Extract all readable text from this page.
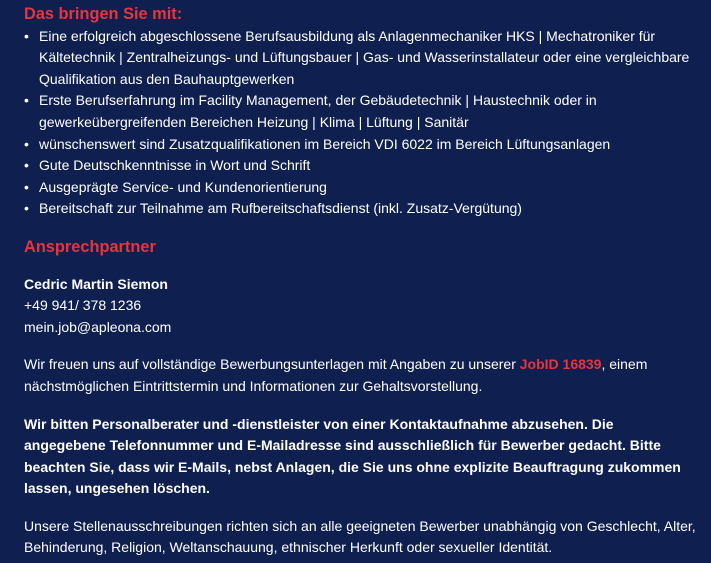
Das bringen Sie mit:
• Eine erfolgreich abgeschlossene Berufsausbildung als Anlagenmechaniker HKS | Mechatroniker für Kältetechnik | Zentralheizungs- und Lüftungsbauer | Gas- und Wasserinstallateur oder eine vergleichbare Qualifikation aus den Bauhauptgewerken
• Erste Berufserfahrung im Facility Management, der Gebäudetechnik | Haustechnik oder in gewerkeübergreifenden Bereichen Heizung | Klima | Lüftung | Sanitär
• wünschenswert sind Zusatzqualifikationen im Bereich VDI 6022 im Bereich Lüftungsanlagen
• Gute Deutschkenntnisse in Wort und Schrift
• Ausgeprägte Service- und Kundenorientierung
• Bereitschaft zur Teilnahme am Rufbereitschaftsdienst (inkl. Zusatz-Vergütung)
Ansprechpartner
Cedric Martin Siemon
+49 941/ 378 1236
mein.job@apleona.com

Wir freuen uns auf vollständige Bewerbungsunterlagen mit Angaben zu unserer JobID 16839, einem nächstmöglichen Eintrittstermin und Informationen zur Gehaltsvorstellung.

Wir bitten Personalberater und -dienstleister von einer Kontaktaufnahme abzusehen. Die angegebene Telefonnummer und E-Mailadresse sind ausschließlich für Bewerber gedacht. Bitte beachten Sie, dass wir E-Mails, nebst Anlagen, die Sie uns ohne explizite Beauftragung zukommen lassen, ungesehen löschen.

Unsere Stellenausschreibungen richten sich an alle geeigneten Bewerber unabhängig von Geschlecht, Alter, Behinderung, Religion, Weltanschauung, ethnischer Herkunft oder sexueller Identität.
